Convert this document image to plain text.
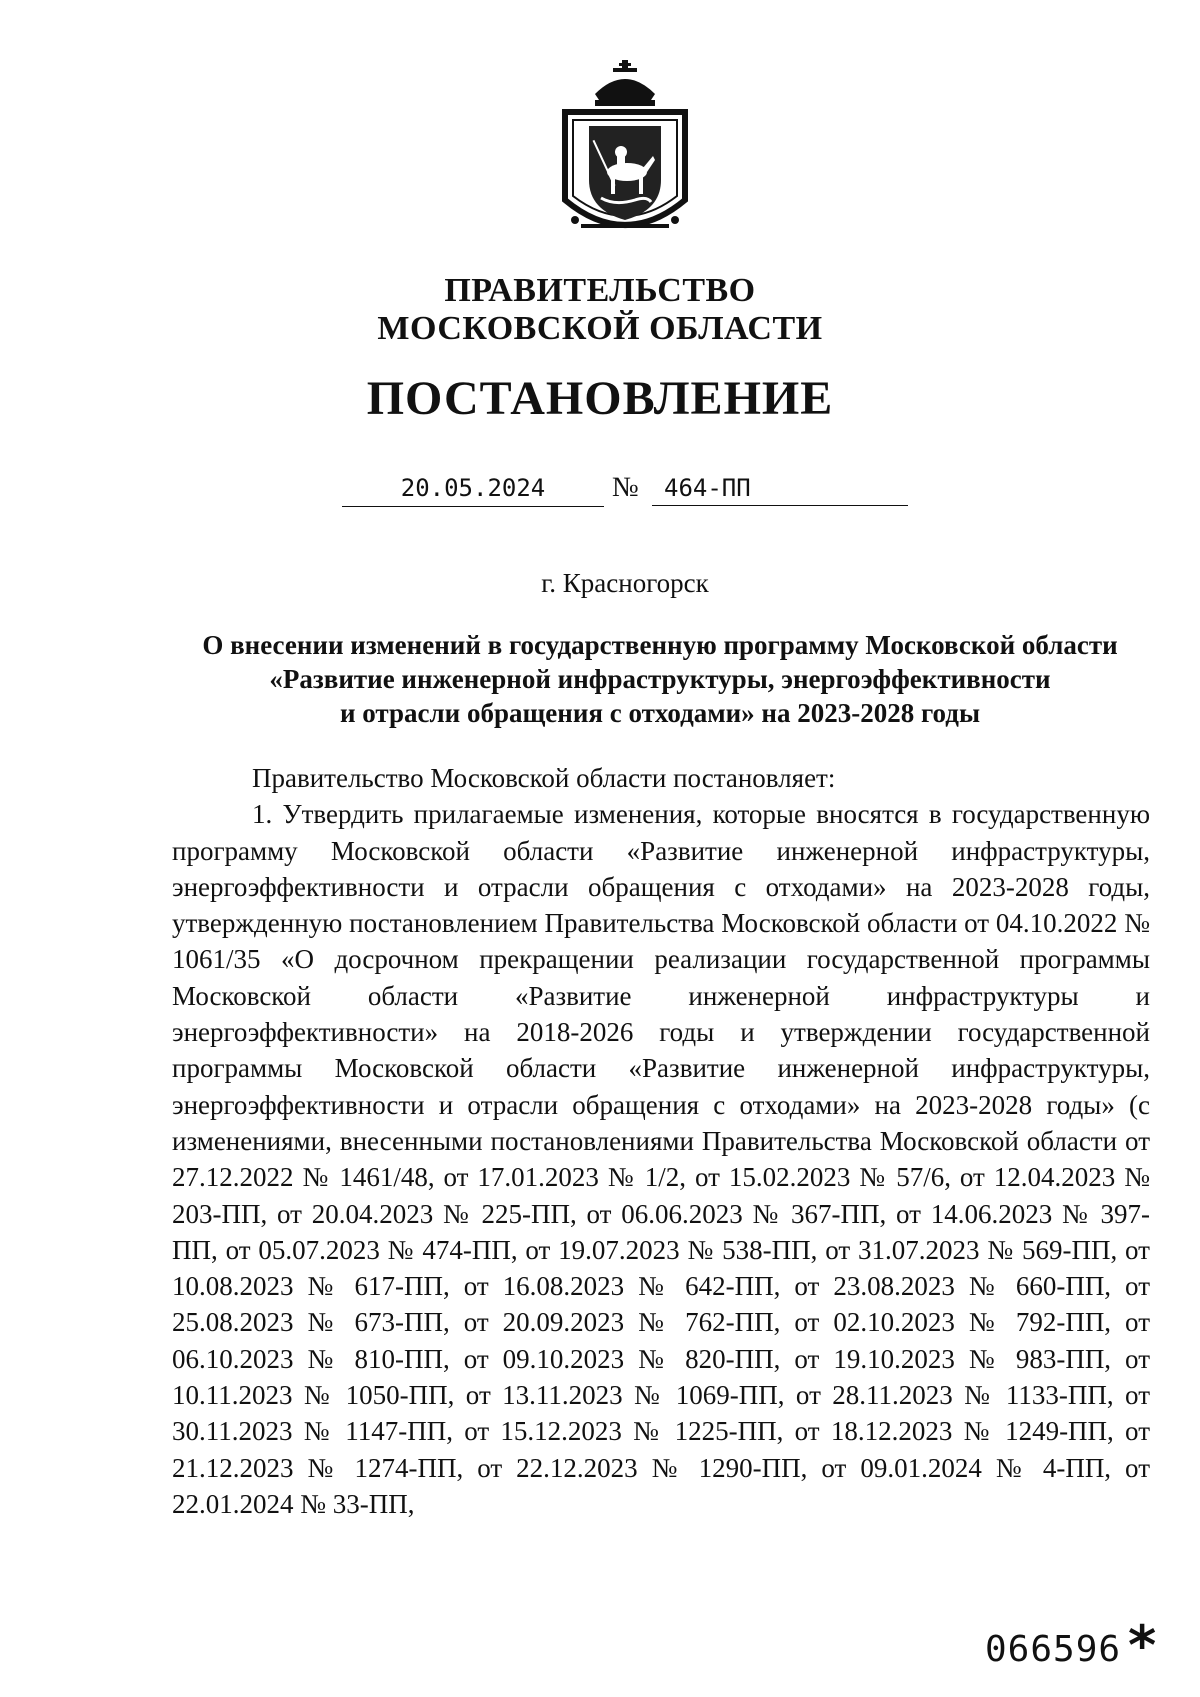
ПРАВИТЕЛЬСТВО
МОСКОВСКОЙ ОБЛАСТИ
ПОСТАНОВЛЕНИЕ
20.05.2024	№	464-ПП
г. Красногорск
О внесении изменений в государственную программу Московской области
«Развитие инженерной инфраструктуры, энергоэффективности
и отрасли обращения с отходами» на 2023-2028 годы
Правительство Московской области постановляет:
1. Утвердить прилагаемые изменения, которые вносятся в государственную программу Московской области «Развитие инженерной инфраструктуры, энергоэффективности и отрасли обращения с отходами» на 2023-2028 годы, утвержденную постановлением Правительства Московской области от 04.10.2022 № 1061/35 «О досрочном прекращении реализации государственной программы Московской области «Развитие инженерной инфраструктуры и энергоэффективности» на 2018-2026 годы и утверждении государственной программы Московской области «Развитие инженерной инфраструктуры, энергоэффективности и отрасли обращения с отходами» на 2023-2028 годы» (с изменениями, внесенными постановлениями Правительства Московской области от 27.12.2022 № 1461/48, от 17.01.2023 № 1/2, от 15.02.2023 № 57/6, от 12.04.2023 № 203-ПП, от 20.04.2023 № 225-ПП, от 06.06.2023 № 367-ПП, от 14.06.2023 № 397-ПП, от 05.07.2023 № 474-ПП, от 19.07.2023 № 538-ПП, от 31.07.2023 № 569-ПП, от 10.08.2023 № 617-ПП, от 16.08.2023 № 642-ПП, от 23.08.2023 № 660-ПП, от 25.08.2023 № 673-ПП, от 20.09.2023 № 762-ПП, от 02.10.2023 № 792-ПП, от 06.10.2023 № 810-ПП, от 09.10.2023 № 820-ПП, от 19.10.2023 № 983-ПП, от 10.11.2023 № 1050-ПП, от 13.11.2023 № 1069-ПП, от 28.11.2023 № 1133-ПП, от 30.11.2023 № 1147-ПП, от 15.12.2023 № 1225-ПП, от 18.12.2023 № 1249-ПП, от 21.12.2023 № 1274-ПП, от 22.12.2023 № 1290-ПП, от 09.01.2024 № 4-ПП, от 22.01.2024 № 33-ПП,
066596 *
